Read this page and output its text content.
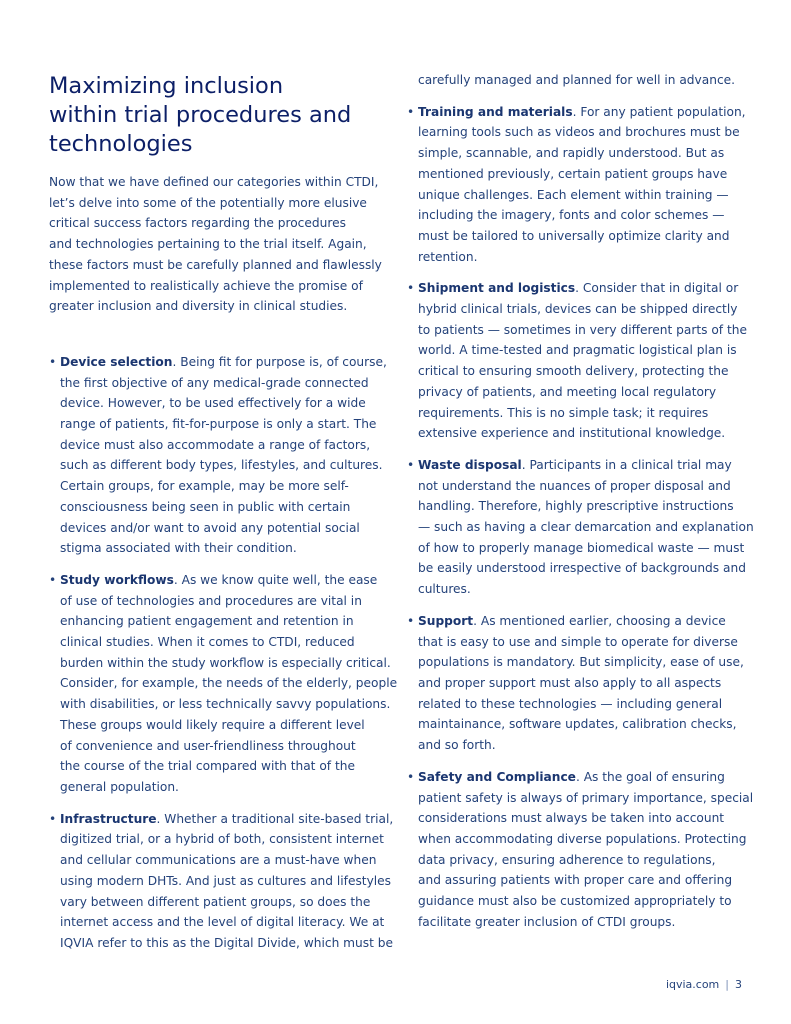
Maximizing inclusion
within trial procedures and
technologies

Now that we have defined our categories within CTDI,
let’s delve into some of the potentially more elusive
critical success factors regarding the procedures
and technologies pertaining to the trial itself. Again,
these factors must be carefully planned and flawlessly
implemented to realistically achieve the promise of
greater inclusion and diversity in clinical studies.

• Device selection. Being fit for purpose is, of course,
the first objective of any medical-grade connected
device. However, to be used effectively for a wide
range of patients, fit-for-purpose is only a start. The
device must also accommodate a range of factors,
such as different body types, lifestyles, and cultures.
Certain groups, for example, may be more self-
consciousness being seen in public with certain
devices and/or want to avoid any potential social
stigma associated with their condition.
• Study workflows. As we know quite well, the ease
of use of technologies and procedures are vital in
enhancing patient engagement and retention in
clinical studies. When it comes to CTDI, reduced
burden within the study workflow is especially critical.
Consider, for example, the needs of the elderly, people
with disabilities, or less technically savvy populations.
These groups would likely require a different level
of convenience and user-friendliness throughout
the course of the trial compared with that of the
general population.
• Infrastructure. Whether a traditional site-based trial,
digitized trial, or a hybrid of both, consistent internet
and cellular communications are a must-have when
using modern DHTs. And just as cultures and lifestyles
vary between different patient groups, so does the
internet access and the level of digital literacy. We at
IQVIA refer to this as the Digital Divide, which must be
carefully managed and planned for well in advance.
• Training and materials. For any patient population,
learning tools such as videos and brochures must be
simple, scannable, and rapidly understood. But as
mentioned previously, certain patient groups have
unique challenges. Each element within training —
including the imagery, fonts and color schemes —
must be tailored to universally optimize clarity and
retention.
• Shipment and logistics. Consider that in digital or
hybrid clinical trials, devices can be shipped directly
to patients — sometimes in very different parts of the
world. A time-tested and pragmatic logistical plan is
critical to ensuring smooth delivery, protecting the
privacy of patients, and meeting local regulatory
requirements. This is no simple task; it requires
extensive experience and institutional knowledge.
• Waste disposal. Participants in a clinical trial may
not understand the nuances of proper disposal and
handling. Therefore, highly prescriptive instructions
— such as having a clear demarcation and explanation
of how to properly manage biomedical waste — must
be easily understood irrespective of backgrounds and
cultures.
• Support. As mentioned earlier, choosing a device
that is easy to use and simple to operate for diverse
populations is mandatory. But simplicity, ease of use,
and proper support must also apply to all aspects
related to these technologies — including general
maintainance, software updates, calibration checks,
and so forth.
• Safety and Compliance. As the goal of ensuring
patient safety is always of primary importance, special
considerations must always be taken into account
when accommodating diverse populations. Protecting
data privacy, ensuring adherence to regulations,
and assuring patients with proper care and offering
guidance must also be customized appropriately to
facilitate greater inclusion of CTDI groups.
iqvia.com | 3
